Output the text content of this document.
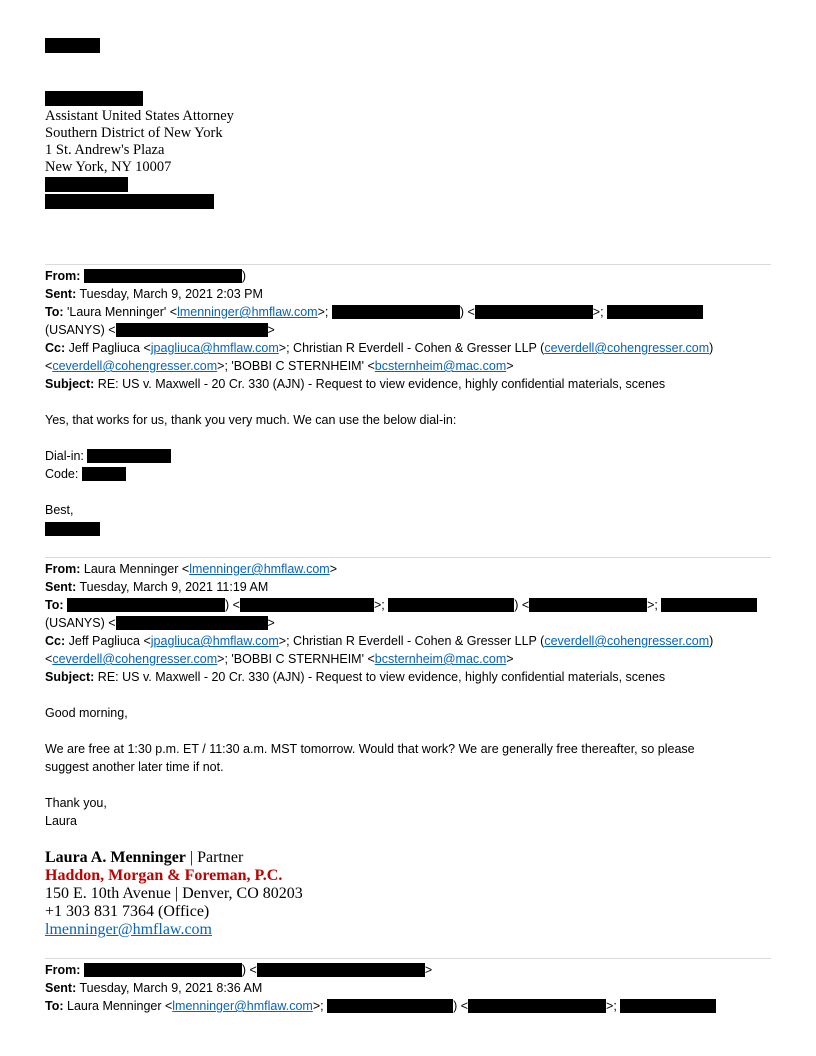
Assistant United States Attorney
Southern District of New York
1 St. Andrew's Plaza
New York, NY 10007
From:	)
Sent: Tuesday, March 9, 2021 2:03 PM
To: 'Laura Menninger' <lmenninger@hmflaw.com>;	) <	>;
(USANYS) <	>
Cc: Jeff Pagliuca <jpagliuca@hmflaw.com>; Christian R Everdell - Cohen & Gresser LLP (ceverdell@cohengresser.com)
<ceverdell@cohengresser.com>; 'BOBBI C STERNHEIM' <bcsternheim@mac.com>
Subject: RE: US v. Maxwell - 20 Cr. 330 (AJN) - Request to view evidence, highly confidential materials, scenes
Yes, that works for us, thank you very much. We can use the below dial-in:
Dial-in:
Code:
Best,
From: Laura Menninger <lmenninger@hmflaw.com>
Sent: Tuesday, March 9, 2021 11:19 AM
To:	) <	>;	) <	>;
(USANYS) <	>
Cc: Jeff Pagliuca <jpagliuca@hmflaw.com>; Christian R Everdell - Cohen & Gresser LLP (ceverdell@cohengresser.com)
<ceverdell@cohengresser.com>; 'BOBBI C STERNHEIM' <bcsternheim@mac.com>
Subject: RE: US v. Maxwell - 20 Cr. 330 (AJN) - Request to view evidence, highly confidential materials, scenes
Good morning,
We are free at 1:30 p.m. ET / 11:30 a.m. MST tomorrow. Would that work? We are generally free thereafter, so please
suggest another later time if not.
Thank you,
Laura
Laura A. Menninger | Partner
Haddon, Morgan & Foreman, P.C.
150 E. 10th Avenue | Denver, CO 80203
+1 303 831 7364 (Office)
lmenninger@hmflaw.com
From:	) <	>
Sent: Tuesday, March 9, 2021 8:36 AM
To: Laura Menninger <lmenninger@hmflaw.com>;	) <	>;
